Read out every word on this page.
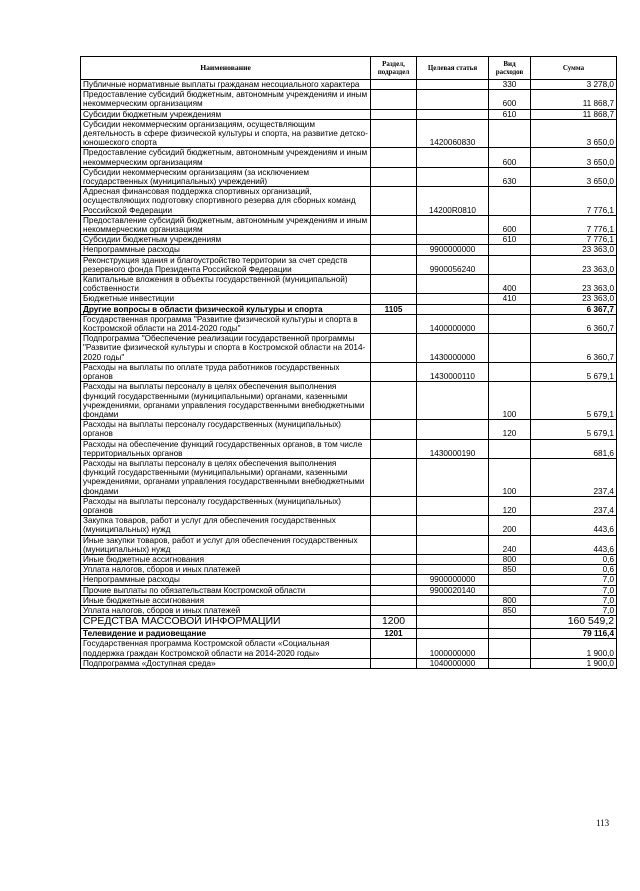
Наименование	Раздел, подраздел	Целевая статья	Вид расходов	Сумма
Публичные нормативные выплаты гражданам несоциального характера			330	3 278,0
Предоставление субсидий бюджетным, автономным учреждениям и иным некоммерческим организациям			600	11 868,7
Субсидии бюджетным учреждениям			610	11 868,7
Субсидии некоммерческим организациям, осуществляющим деятельность в сфере физической культуры и спорта, на развитие детско-юношеского спорта		1420060830		3 650,0
Предоставление субсидий бюджетным, автономным учреждениям и иным некоммерческим организациям			600	3 650,0
Субсидии некоммерческим организациям (за исключением государственных (муниципальных) учреждений)			630	3 650,0
Адресная финансовая поддержка спортивных организаций, осуществляющих подготовку спортивного резерва для сборных команд Российской Федерации		14200R0810		7 776,1
Предоставление субсидий бюджетным, автономным учреждениям и иным некоммерческим организациям			600	7 776,1
Субсидии бюджетным учреждениям			610	7 776,1
Непрограммные расходы		9900000000		23 363,0
Реконструкция здания и благоустройство территории за счет средств резервного фонда Президента Российской Федерации		9900056240		23 363,0
Капитальные вложения в объекты государственной (муниципальной) собственности			400	23 363,0
Бюджетные инвестиции			410	23 363,0
Другие вопросы в области физической культуры и спорта	1105			6 367,7
Государственная программа "Развитие физической культуры и спорта в Костромской области на 2014-2020 годы"		1400000000		6 360,7
Подпрограмма "Обеспечение реализации государственной программы "Развитие физической культуры и спорта в Костромской области на 2014-2020 годы"		1430000000		6 360,7
Расходы на выплаты по оплате труда работников государственных органов		1430000110		5 679,1
Расходы на выплаты персоналу в целях обеспечения выполнения функций государственными (муниципальными) органами, казенными учреждениями, органами управления государственными внебюджетными фондами			100	5 679,1
Расходы на выплаты персоналу государственных (муниципальных) органов			120	5 679,1
Расходы на обеспечение функций государственных органов, в том числе территориальных органов		1430000190		681,6
Расходы на выплаты персоналу в целях обеспечения выполнения функций государственными (муниципальными) органами, казенными учреждениями, органами управления государственными внебюджетными фондами			100	237,4
Расходы на выплаты персоналу государственных (муниципальных) органов			120	237,4
Закупка товаров, работ и услуг для обеспечения государственных (муниципальных) нужд			200	443,6
Иные закупки товаров, работ и услуг для обеспечения государственных (муниципальных) нужд			240	443,6
Иные бюджетные ассигнования			800	0,6
Уплата налогов, сборов и иных платежей			850	0,6
Непрограммные расходы		9900000000		7,0
Прочие выплаты по обязательствам Костромской области		9900020140		7,0
Иные бюджетные ассигнования			800	7,0
Уплата налогов, сборов и иных платежей			850	7,0
СРЕДСТВА МАССОВОЙ ИНФОРМАЦИИ	1200			160 549,2
Телевидение и радиовещание	1201			79 116,4
Государственная программа Костромской области «Социальная поддержка граждан Костромской области на 2014-2020 годы»		1000000000		1 900,0
Подпрограмма «Доступная среда»		1040000000		1 900,0
113
